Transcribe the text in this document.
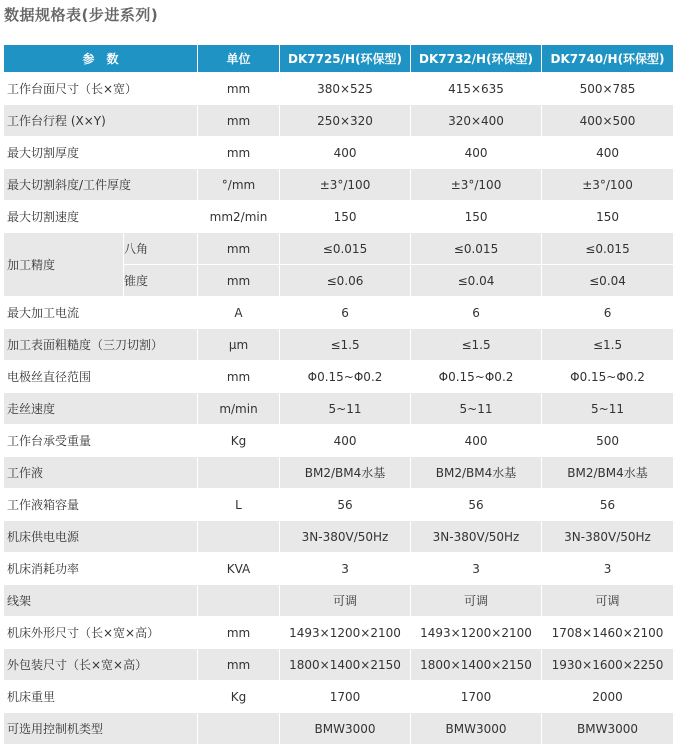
数据规格表(步进系列)
参　数		单位	DK7725/H(环保型)	DK7732/H(环保型)	DK7740/H(环保型)
工作台面尺寸（长×宽）		mm	380×525	415×635	500×785
工作台行程 (X×Y)		mm	250×320	320×400	400×500
最大切割厚度		mm	400	400	400
最大切割斜度/工件厚度		°/mm	±3°/100	±3°/100	±3°/100
最大切割速度		mm2/min	150	150	150
加工精度	八角	mm	≤0.015	≤0.015	≤0.015
	锥度	mm	≤0.06	≤0.04	≤0.04
最大加工电流		A	6	6	6
加工表面粗糙度（三刀切割）		μm	≤1.5	≤1.5	≤1.5
电极丝直径范围		mm	Φ0.15~Φ0.2	Φ0.15~Φ0.2	Φ0.15~Φ0.2
走丝速度		m/min	5~11	5~11	5~11
工作台承受重量		Kg	400	400	500
工作液			BM2/BM4水基	BM2/BM4水基	BM2/BM4水基
工作液箱容量		L	56	56	56
机床供电电源			3N-380V/50Hz	3N-380V/50Hz	3N-380V/50Hz
机床消耗功率		KVA	3	3	3
线架			可调	可调	可调
机床外形尺寸（长×宽×高）		mm	1493×1200×2100	1493×1200×2100	1708×1460×2100
外包装尺寸（长×宽×高）		mm	1800×1400×2150	1800×1400×2150	1930×1600×2250
机床重里		Kg	1700	1700	2000
可选用控制机类型			BMW3000	BMW3000	BMW3000
